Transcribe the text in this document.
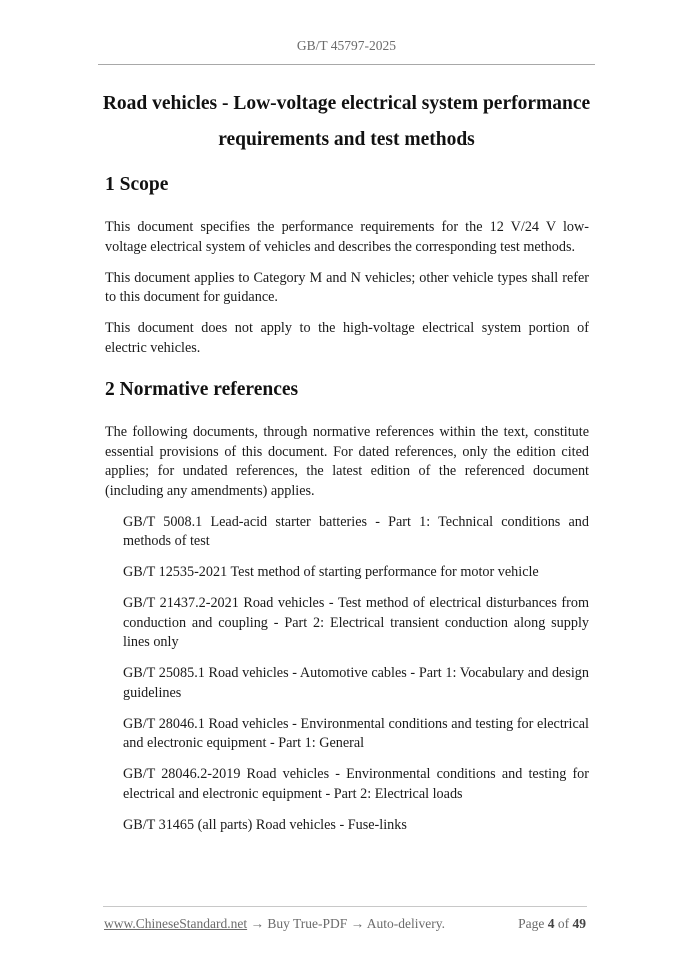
GB/T 45797-2025
Road vehicles - Low-voltage electrical system performance
requirements and test methods
1 Scope

This document specifies the performance requirements for the 12 V/24 V low-voltage electrical system of vehicles and describes the corresponding test methods.

This document applies to Category M and N vehicles; other vehicle types shall refer to this document for guidance.

This document does not apply to the high-voltage electrical system portion of electric vehicles.

2 Normative references

The following documents, through normative references within the text, constitute essential provisions of this document. For dated references, only the edition cited applies; for undated references, the latest edition of the referenced document (including any amendments) applies.

GB/T 5008.1 Lead-acid starter batteries - Part 1: Technical conditions and methods of test

GB/T 12535-2021 Test method of starting performance for motor vehicle

GB/T 21437.2-2021 Road vehicles - Test method of electrical disturbances from conduction and coupling - Part 2: Electrical transient conduction along supply lines only

GB/T 25085.1 Road vehicles - Automotive cables - Part 1: Vocabulary and design guidelines

GB/T 28046.1 Road vehicles - Environmental conditions and testing for electrical and electronic equipment - Part 1: General

GB/T 28046.2-2019 Road vehicles - Environmental conditions and testing for electrical and electronic equipment - Part 2: Electrical loads

GB/T 31465 (all parts) Road vehicles - Fuse-links

www.ChineseStandard.net → Buy True-PDF → Auto-delivery.	Page 4 of 49
